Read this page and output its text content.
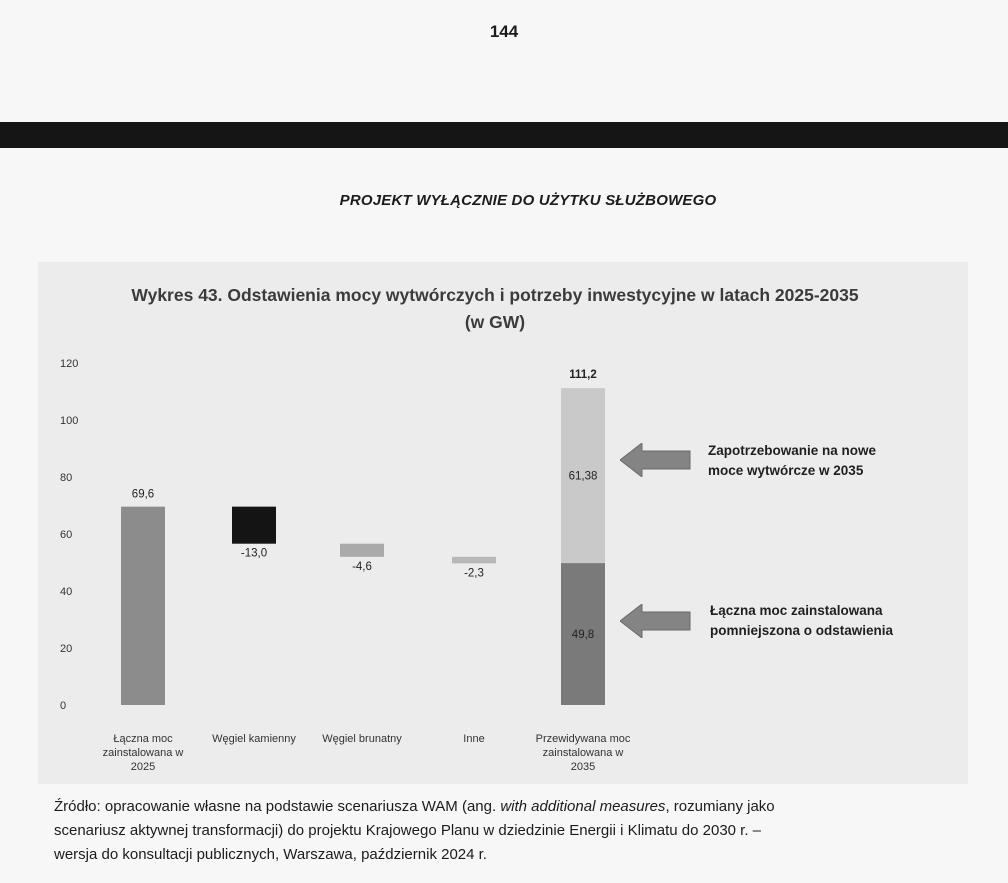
144
PROJEKT WYŁĄCZNIE DO UŻYTKU SŁUŻBOWEGO
Wykres 43. Odstawienia mocy wytwórczych i potrzeby inwestycyjne w latach 2025-2035
(w GW)
0
20
40
60
80
100
120
Łączna moc
zainstalowana w
2025
Węgiel kamienny Węgiel brunatny	Inne	Przewidywana moc
zainstalowana w
2035
69,6
-13,0
-4,6
-2,3
49,8
61,38
111,2
Zapotrzebowanie na nowe
moce wytwórcze w 2035
Łączna moc zainstalowana
pomniejszona o odstawienia
Źródło: opracowanie własne na podstawie scenariusza WAM (ang. with additional measures, rozumiany jako
scenariusz aktywnej transformacji) do projektu Krajowego Planu w dziedzinie Energii i Klimatu do 2030 r. –
wersja do konsultacji publicznych, Warszawa, październik 2024 r.
